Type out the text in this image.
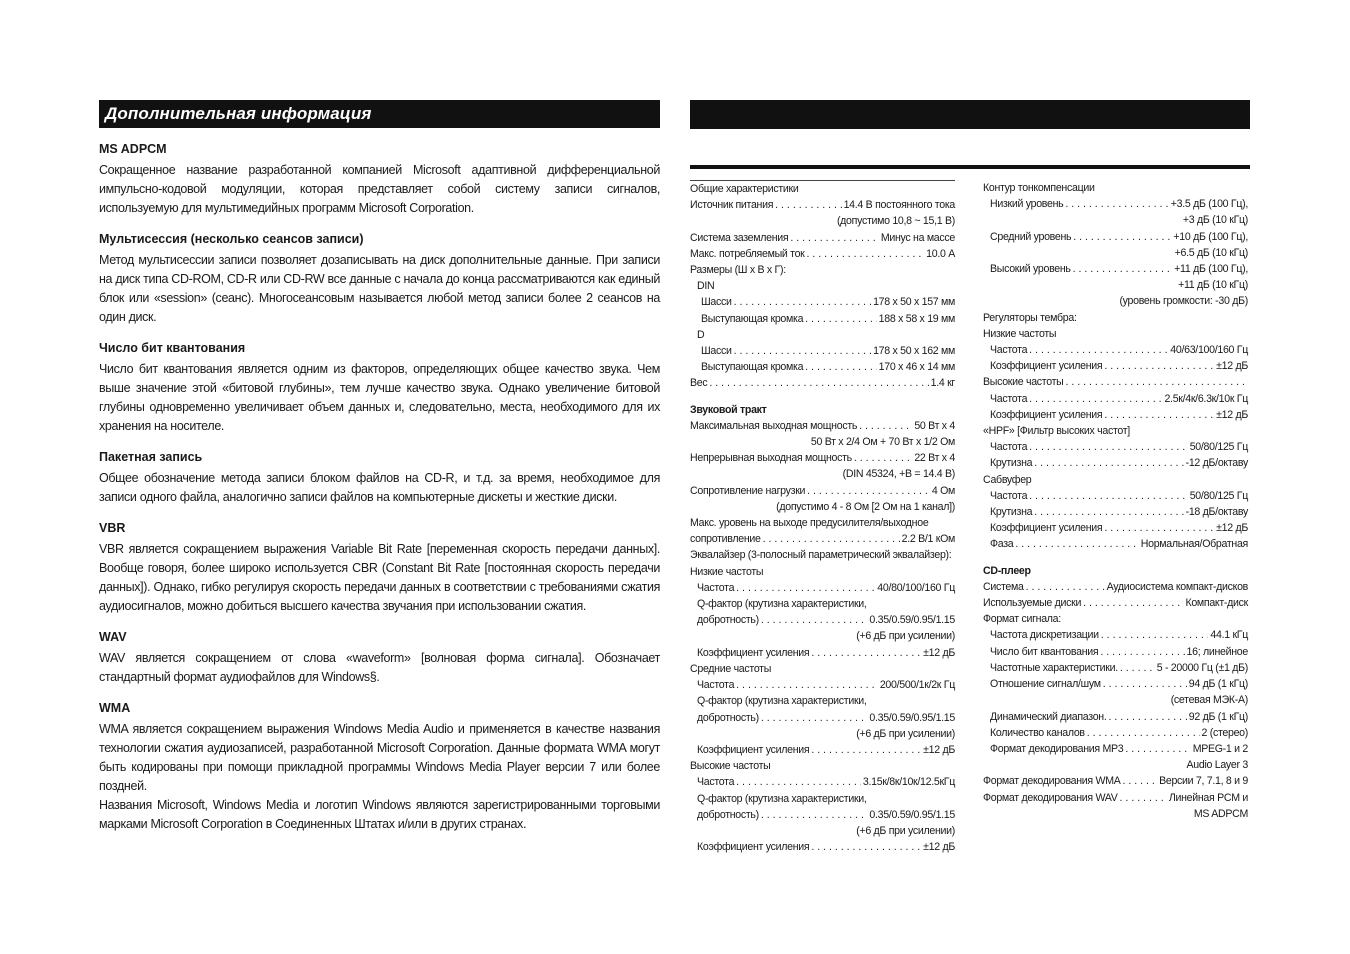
Дополнительная информация
MS ADPCM

Сокращенное название разработанной компанией Microsoft адаптивной дифференциальной импульсно-кодовой модуляции, которая представляет собой систему записи сигналов, используемую для мультимедийных программ Microsoft Corporation.

Мультисессия (несколько сеансов записи)

Метод мультисессии записи позволяет дозаписывать на диск дополнительные данные. При записи на диск типа CD-ROM, CD-R или CD-RW все данные с начала до конца рассматриваются как единый блок или «session» (сеанс). Многосеансовым называется любой метод записи более 2 сеансов на один диск.

Число бит квантования

Число бит квантования является одним из факторов, определяющих общее качество звука. Чем выше значение этой «битовой глубины», тем лучше качество звука. Однако увеличение битовой глубины одновременно увеличивает объем данных и, следовательно, места, необходимого для их хранения на носителе.

Пакетная запись

Общее обозначение метода записи блоком файлов на CD-R, и т.д. за время, необходимое для записи одного файла, аналогично записи файлов на компьютерные дискеты и жесткие диски.

VBR

VBR является сокращением выражения Variable Bit Rate [переменная скорость передачи данных]. Вообще говоря, более широко используется CBR (Constant Bit Rate [постоянная скорость передачи данных]). Однако, гибко регулируя скорость передачи данных в соответствии с требованиями сжатия аудиосигналов, можно добиться высшего качества звучания при использовании сжатия.

WAV

WAV является сокращением от слова «waveform» [волновая форма сигнала]. Обозначает стандартный формат аудиофайлов для Windows§.

WMA

WMA является сокращением выражения Windows Media Audio и применяется в качестве названия технологии сжатия аудиозаписей, разработанной Microsoft Corporation. Данные формата WMA могут быть кодированы при помощи прикладной программы Windows Media Player версии 7 или более поздней.

Названия Microsoft, Windows Media и логотип Windows являются зарегистрированными торговыми марками Microsoft Corporation в Соединенных Штатах и/или в других странах.

Общие характеристики
Источник питания . . .	14.4 В постоянного тока
(допустимо 10,8 ~ 15,1 В)
Система заземления . . .	Минус на массе
Макс. потребляемый ток . . .	10.0 А
Размеры (Ш х В х Г):
DIN
Шасси . . .	178 х 50 х 157 мм
Выступающая кромка . . .	188 х 58 х 19 мм
D
Шасси . . .	178 х 50 х 162 мм
Выступающая кромка . . .	170 х 46 х 14 мм
Вес . . .	1.4 кг
Звуковой тракт
Максимальная выходная мощность . . .	50 Вт x 4
50 Вт x 2/4 Ом + 70 Вт x 1/2 Ом
Непрерывная выходная мощность . . .	22 Вт x 4
(DIN 45324, +B = 14.4 В)
Сопротивление нагрузки . . .	4 Ом
(допустимо 4 - 8 Ом [2 Ом на 1 канал])
Макс. уровень на выходе предусилителя/выходное
сопротивление . . .	2.2 В/1 кОм
Эквалайзер (3-полосный параметрический эквалайзер):
Низкие частоты
Частота . . .	40/80/100/160 Гц
Q-фактор (крутизна характеристики,
добротность) . . .	0.35/0.59/0.95/1.15
(+6 дБ при усилении)
Коэффициент усиления . . .	±12 дБ
Средние частоты
Частота . . .	200/500/1к/2к Гц
Q-фактор (крутизна характеристики,
добротность) . . .	0.35/0.59/0.95/1.15
(+6 дБ при усилении)
Коэффициент усиления . . .	±12 дБ
Высокие частоты
Частота . . .	3.15к/8к/10к/12.5кГц
Q-фактор (крутизна характеристики,
добротность) . . .	0.35/0.59/0.95/1.15
(+6 дБ при усилении)
Коэффициент усиления . . .	±12 дБ
Контур тонкомпенсации
Низкий уровень . . .	+3.5 дБ (100 Гц),
+3 дБ (10 кГц)
Средний уровень . . .	+10 дБ (100 Гц),
+6.5 дБ (10 кГц)
Высокий уровень . . .	+11 дБ (100 Гц),
+11 дБ (10 кГц)
(уровень громкости: -30 дБ)
Регуляторы тембра:
Низкие частоты
Частота . . .	40/63/100/160 Гц
Коэффициент усиления . . .	±12 дБ
Высокие частоты
. . .
Частота . . .	2.5к/4к/6.3к/10к Гц
Коэффициент усиления . . .	±12 дБ
«HPF» [Фильтр высоких частот]
Частота . . .	50/80/125 Гц
Крутизна . . .	-12 дБ/октаву
Сабвуфер
Частота . . .	50/80/125 Гц
Крутизна . . .	-18 дБ/октаву
Коэффициент усиления . . .	±12 дБ
Фаза . . .	Нормальная/Обратная
CD-плеер
Система . . .	Аудиосистема компакт-дисков
Используемые диски . . .	Компакт-диск
Формат сигнала:
Частота дискретизации . . .	44.1 кГц
Число бит квантования . . .	16; линейное
Частотные характеристики. . . .	5 - 20000 Гц (±1 дБ)
Отношение сигнал/шум . . .	94 дБ (1 кГц)
(сетевая МЭК-A)
Динамический диапазон. . . .	92 дБ (1 кГц)
Количество каналов . . .	2 (стерео)
Формат декодирования MP3 . . .	MPEG-1 и 2
Audio Layer 3
Формат декодирования WMA . . .	Версии 7, 7.1, 8 и 9
Формат декодирования WAV . . .	Линейная PCM и
MS ADPCM
